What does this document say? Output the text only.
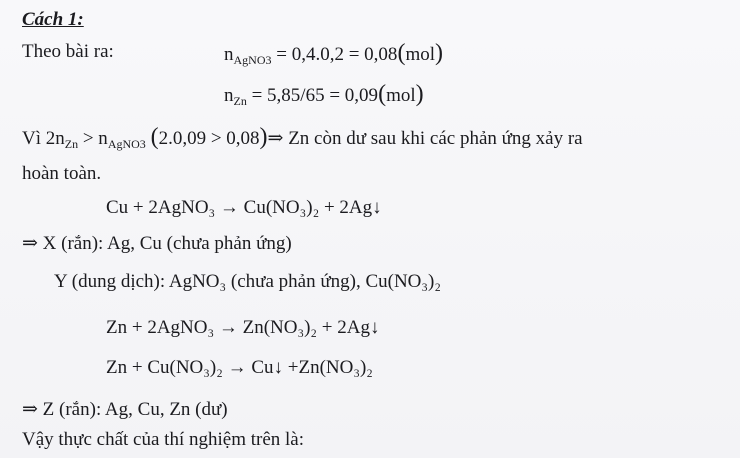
Cách 1:
Theo bài ra:	$n_{AgNO3} = 0,4.0,2 = 0,08(mol)$
$n_{Zn} = 5,85/65 = 0,09(mol)$
Vì $2n_{Zn} > n_{AgNO3}$ (2.0,09 > 0,08)⇒ Zn còn dư sau khi các phản ứng xảy ra
hoàn toàn.
Cu + 2AgNO₃ → Cu(NO₃)₂ + 2Ag↓
⇒ X (rắn): Ag, Cu (chưa phản ứng)
Y (dung dịch): AgNO₃ (chưa phản ứng), Cu(NO₃)₂
Zn + 2AgNO₃ → Zn(NO₃)₂ + 2Ag↓
Zn + Cu(NO₃)₂ → Cu↓ +Zn(NO₃)₂
⇒ Z (rắn): Ag, Cu, Zn (dư)
Vậy thực chất của thí nghiệm trên là:
